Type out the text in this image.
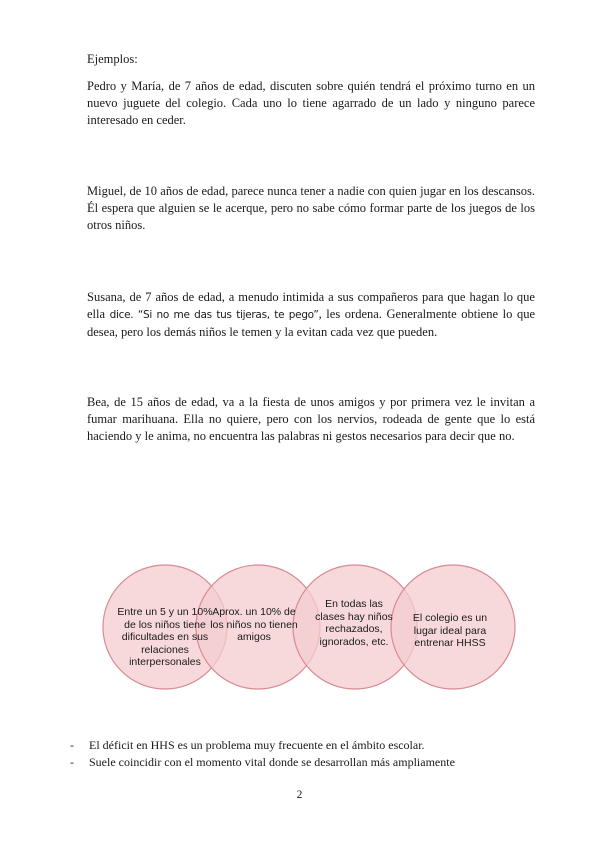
Ejemplos:

Pedro y María, de 7 años de edad, discuten sobre quién tendrá el próximo turno en un nuevo juguete del colegio. Cada uno lo tiene agarrado de un lado y ninguno parece interesado en ceder.

Miguel, de 10 años de edad, parece nunca tener a nadie con quien jugar en los descansos. Él espera que alguien se le acerque, pero no sabe cómo formar parte de los juegos de los otros niños.

Susana, de 7 años de edad, a menudo intimida a sus compañeros para que hagan lo que ella dice. “Si no me das tus tijeras, te pego”, les ordena. Generalmente obtiene lo que desea, pero los demás niños le temen y la evitan cada vez que pueden.

Bea, de 15 años de edad, va a la fiesta de unos amigos y por primera vez le invitan a fumar marihuana. Ella no quiere, pero con los nervios, rodeada de gente que lo está haciendo y le anima, no encuentra las palabras ni gestos necesarios para decir que no.

Entre un 5 y un 10% de los niños tiene dificultades en sus relaciones interpersonales
Aprox. un 10% de los niños no tienen amigos
En todas las clases hay niños rechazados, ignorados, etc.
El colegio es un lugar ideal para entrenar HHSS
-	El déficit en HHS es un problema muy frecuente en el ámbito escolar.
-	Suele coincidir con el momento vital donde se desarrollan más ampliamente
2
